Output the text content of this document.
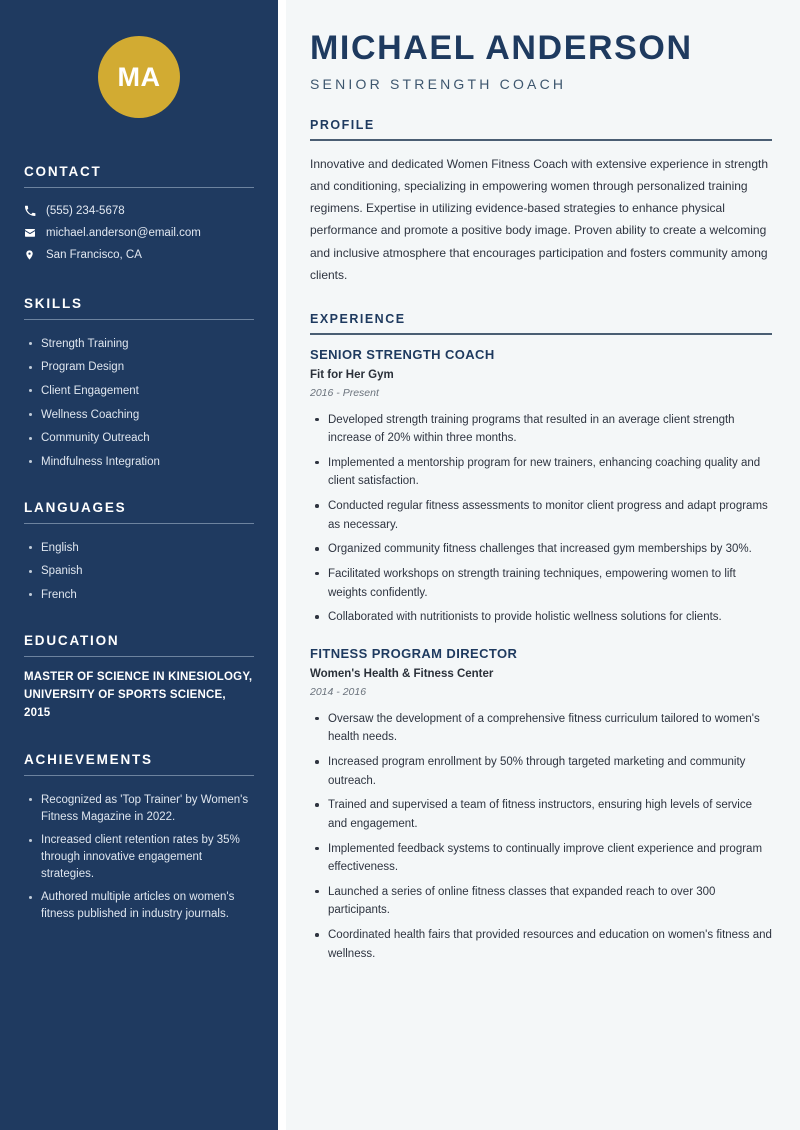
MA
CONTACT
(555) 234-5678
michael.anderson@email.com
San Francisco, CA
SKILLS
Strength Training
Program Design
Client Engagement
Wellness Coaching
Community Outreach
Mindfulness Integration
LANGUAGES
English
Spanish
French
EDUCATION
MASTER OF SCIENCE IN KINESIOLOGY, UNIVERSITY OF SPORTS SCIENCE, 2015
ACHIEVEMENTS
Recognized as 'Top Trainer' by Women's Fitness Magazine in 2022.
Increased client retention rates by 35% through innovative engagement strategies.
Authored multiple articles on women's fitness published in industry journals.
MICHAEL ANDERSON
SENIOR STRENGTH COACH
PROFILE

Innovative and dedicated Women Fitness Coach with extensive experience in strength and conditioning, specializing in empowering women through personalized training regimens. Expertise in utilizing evidence-based strategies to enhance physical performance and promote a positive body image. Proven ability to create a welcoming and inclusive atmosphere that encourages participation and fosters community among clients.

EXPERIENCE
SENIOR STRENGTH COACH
Fit for Her Gym
2016 - Present
Developed strength training programs that resulted in an average client strength increase of 20% within three months.
Implemented a mentorship program for new trainers, enhancing coaching quality and client satisfaction.
Conducted regular fitness assessments to monitor client progress and adapt programs as necessary.
Organized community fitness challenges that increased gym memberships by 30%.
Facilitated workshops on strength training techniques, empowering women to lift weights confidently.
Collaborated with nutritionists to provide holistic wellness solutions for clients.
FITNESS PROGRAM DIRECTOR
Women's Health & Fitness Center
2014 - 2016
Oversaw the development of a comprehensive fitness curriculum tailored to women's health needs.
Increased program enrollment by 50% through targeted marketing and community outreach.
Trained and supervised a team of fitness instructors, ensuring high levels of service and engagement.
Implemented feedback systems to continually improve client experience and program effectiveness.
Launched a series of online fitness classes that expanded reach to over 300 participants.
Coordinated health fairs that provided resources and education on women's fitness and wellness.
